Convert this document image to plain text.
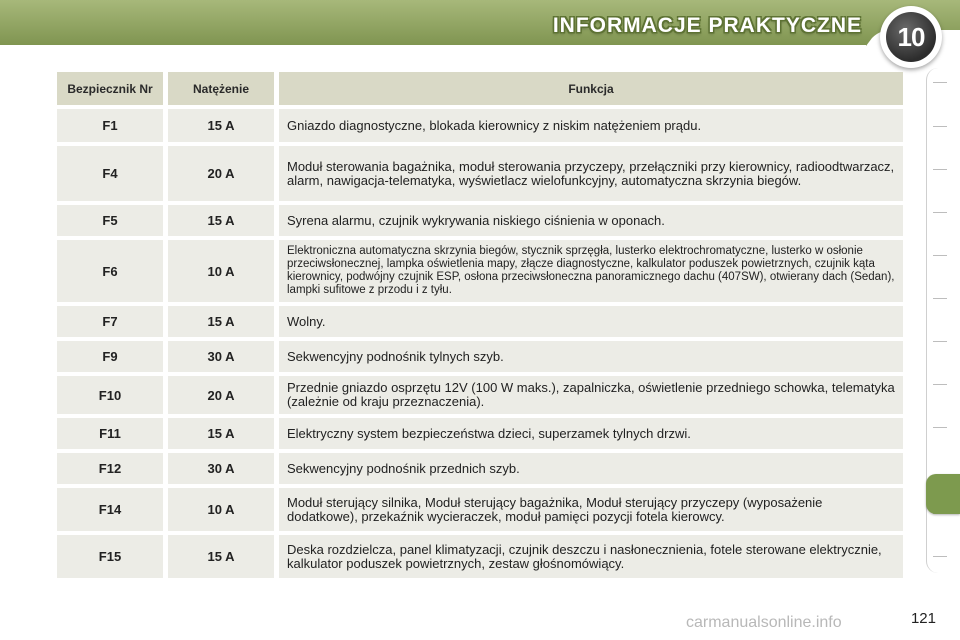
INFORMACJE PRAKTYCZNE	10
Bezpiecznik Nr	Natężenie	Funkcja
F1	15 A	Gniazdo diagnostyczne, blokada kierownicy z niskim natężeniem prądu.
F4	20 A	Moduł sterowania bagażnika, moduł sterowania przyczepy, przełączniki przy kierownicy, radioodtwarzacz, alarm, nawigacja-telematyka, wyświetlacz wielofunkcyjny, automatyczna skrzynia biegów.
F5	15 A	Syrena alarmu, czujnik wykrywania niskiego ciśnienia w oponach.
F6	10 A	Elektroniczna automatyczna skrzynia biegów, stycznik sprzęgła, lusterko elektrochromatyczne, lusterko w osłonie przeciwsłonecznej, lampka oświetlenia mapy, złącze diagnostyczne, kalkulator poduszek powietrznych, czujnik kąta kierownicy, podwójny czujnik ESP, osłona przeciwsłoneczna panoramicznego dachu (407SW), otwierany dach (Sedan), lampki sufitowe z przodu i z tyłu.
F7	15 A	Wolny.
F9	30 A	Sekwencyjny podnośnik tylnych szyb.
F10	20 A	Przednie gniazdo osprzętu 12V (100 W maks.), zapalniczka, oświetlenie przedniego schowka, telematyka (zależnie od kraju przeznaczenia).
F11	15 A	Elektryczny system bezpieczeństwa dzieci, superzamek tylnych drzwi.
F12	30 A	Sekwencyjny podnośnik przednich szyb.
F14	10 A	Moduł sterujący silnika, Moduł sterujący bagażnika, Moduł sterujący przyczepy (wyposażenie dodatkowe), przekaźnik wycieraczek, moduł pamięci pozycji fotela kierowcy.
F15	15 A	Deska rozdzielcza, panel klimatyzacji, czujnik deszczu i nasłonecznienia, fotele sterowane elektrycznie, kalkulator poduszek powietrznych, zestaw głośnomówiący.
121
carmanualsonline.info
